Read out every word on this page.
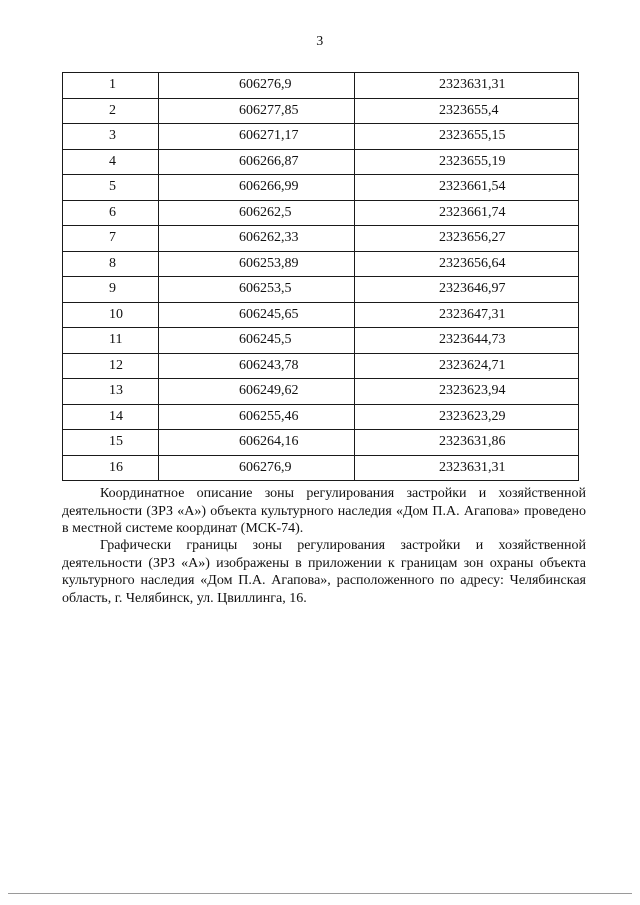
3
1	606276,9	2323631,31
2	606277,85	2323655,4
3	606271,17	2323655,15
4	606266,87	2323655,19
5	606266,99	2323661,54
6	606262,5	2323661,74
7	606262,33	2323656,27
8	606253,89	2323656,64
9	606253,5	2323646,97
10	606245,65	2323647,31
11	606245,5	2323644,73
12	606243,78	2323624,71
13	606249,62	2323623,94
14	606255,46	2323623,29
15	606264,16	2323631,86
16	606276,9	2323631,31

Координатное описание зоны регулирования застройки и хозяйственной деятельности (ЗРЗ «А») объекта культурного наследия «Дом П.А. Агапова» проведено в местной системе координат (МСК-74).

Графически границы зоны регулирования застройки и хозяйственной деятельности (ЗРЗ «А») изображены в приложении к границам зон охраны объекта культурного наследия «Дом П.А. Агапова», расположенного по адресу: Челябинская область, г. Челябинск, ул. Цвиллинга, 16.
